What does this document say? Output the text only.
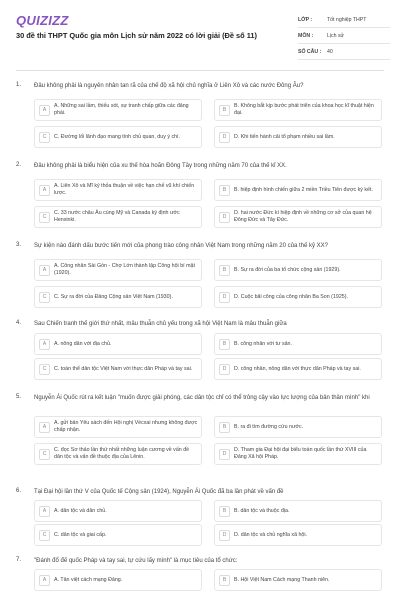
QUIZIZZ
30 đề thi THPT Quốc gia môn Lịch sử năm 2022 có lời giải (Đề số 11)
LỚP :	Tốt nghiệp THPT
MÔN :	Lịch sử
SỐ CÂU :	40
1. Đâu không phải là nguyên nhân tan rã của chế độ xã hội chủ nghĩa ở Liên Xô và các nước Đông Âu?
A
A. Những sai lầm, thiếu sót, sự tranh chấp giữa các đảng phái.	B
B. Không bắt kịp bước phát triển của khoa học kĩ thuật hiện đại.
C	C. Đường lối lãnh đạo mang tính chủ quan, duy ý chí.	D	D. Khi tiến hành cải tổ phạm nhiều sai lầm.
2. Đâu không phải là biểu hiện của xu thế hòa hoãn Đông Tây trong những năm 70 của thế kỉ XX.
A
A. Liên Xô và Mĩ ký thỏa thuận về việc hạn chế vũ khí chiến lược.	B	B. hiệp định hình chiến giữa 2 miền Triều Tiên được ký kết.
C
C. 33 nước châu Âu cùng Mỹ và Canada ký định ước Henxinki.	D
D. hai nước Đức kí hiệp định về những cơ sở của quan hệ Đông Đức và Tây Đức.
3. Sự kiện nào đánh dấu bước tiến mới của phong trào công nhân Việt Nam trong những năm 20 của thế kỷ XX?
A
A. Công nhân Sài Gòn - Chợ Lớn thành lập Công hội bí mật (1920).	B	B. Sự ra đời của ba tổ chức cộng sản (1929).
C	C. Sự ra đời của Đảng Cộng sản Việt Nam (1930).	D	D. Cuộc bãi công của công nhân Ba Son (1925).
4. Sau Chiến tranh thế giới thứ nhất, mâu thuẫn chủ yếu trong xã hội Việt Nam là mâu thuẫn giữa
A	A. nông dân với địa chủ.	B	B. công nhân với tư sản.
C	C. toàn thể dân tộc Việt Nam với thực dân Pháp và tay sai.	D	D. công nhân, nông dân với thực dân Pháp và tay sai.
5. Nguyễn Ái Quốc rút ra kết luận "muốn được giải phóng, các dân tộc chỉ có thể trông cậy vào lực lượng của bản thân mình" khi
A
A. gửi bản Yêu sách đến Hội nghị Vécxai nhưng không được chấp nhận.	B	B. ra đi tìm đường cứu nước.
C
C. đọc Sơ thảo lần thứ nhất những luận cương về vấn đề dân tộc và vấn đề thuộc địa của Lênin.	D
D. Tham gia Đại hội đại biểu toàn quốc lần thứ XVIII của Đảng Xã hội Pháp.
6. Tại Đại hội lần thứ V của Quốc tế Cộng sản (1924), Nguyễn Ái Quốc đã ba lần phát về vấn đề
A	A. dân tộc và dân chủ.	B	B. dân tộc và thuộc địa.
C	C. dân tộc và giai cấp.	D	D. dân tộc và chủ nghĩa xã hội.
7. "Đánh đổ đế quốc Pháp và tay sai, tự cứu lấy mình" là mục tiêu của tổ chức:
A	A. Tân việt cách mạng Đảng.	B	B. Hội Việt Nam Cách mạng Thanh niên.
